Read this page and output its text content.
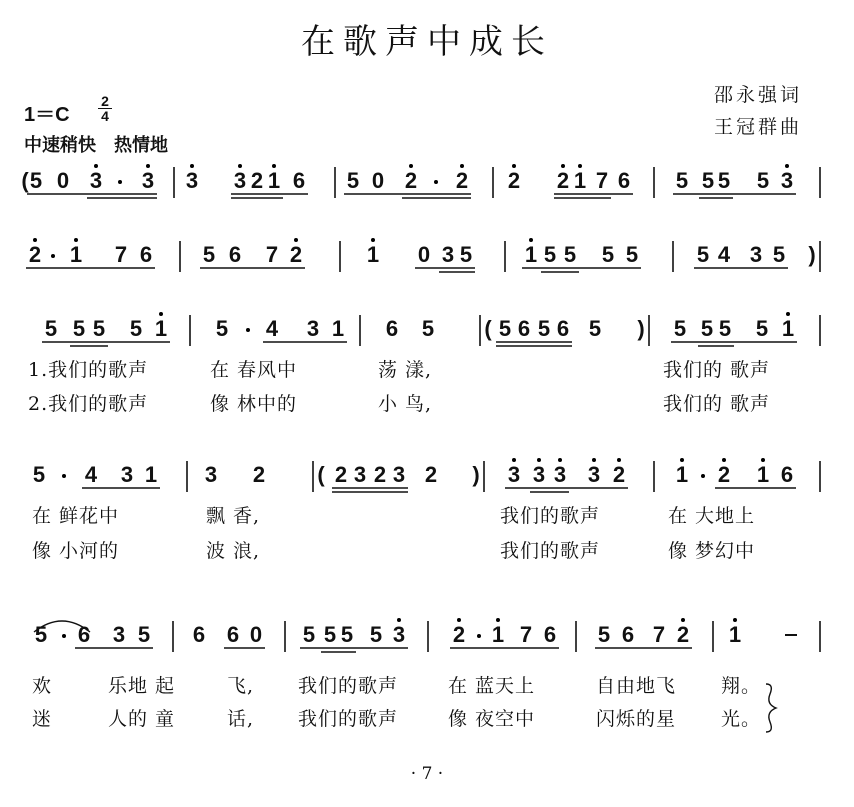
在歌声中成长
邵永强词
王冠群曲
$1=C \frac{2}{4}$
中速稍快　热情地
( 5 0 3 3 3 3 2 1 6 5 0 2 2 2 2 1 7 6 5 5 5 5 3
2 1 7 6 5 6 7 2	1 0 3 5 1 5 5 5 5	)
5 4 3 5
5 5 5 5 1 5 4 3 1 6 5 (	)
5 6 5 6 5	5 5 5 5 1
5 4 3 1 3 2 (	)
2 3 2 3 2	3 3 3 3 2 1 2 1 6
5 6 3 5 6 6 0 5 5 5 5 3 2 1 7 6 5 6 7 2 1
1.我们的歌声	在 春风中	荡 漾,	我们的 歌声
2.我们的歌声	像 林中的	小 鸟,	我们的 歌声
在 鲜花中	飘 香,	我们的歌声	在 大地上
像 小河的	波 浪,	我们的歌声	像 梦幻中
欢	乐地 起	飞, 我们的歌声	在 蓝天上	自由地飞 翔。
迷	人的 童	话, 我们的歌声	像 夜空中	闪烁的星 光。
· 7 ·
